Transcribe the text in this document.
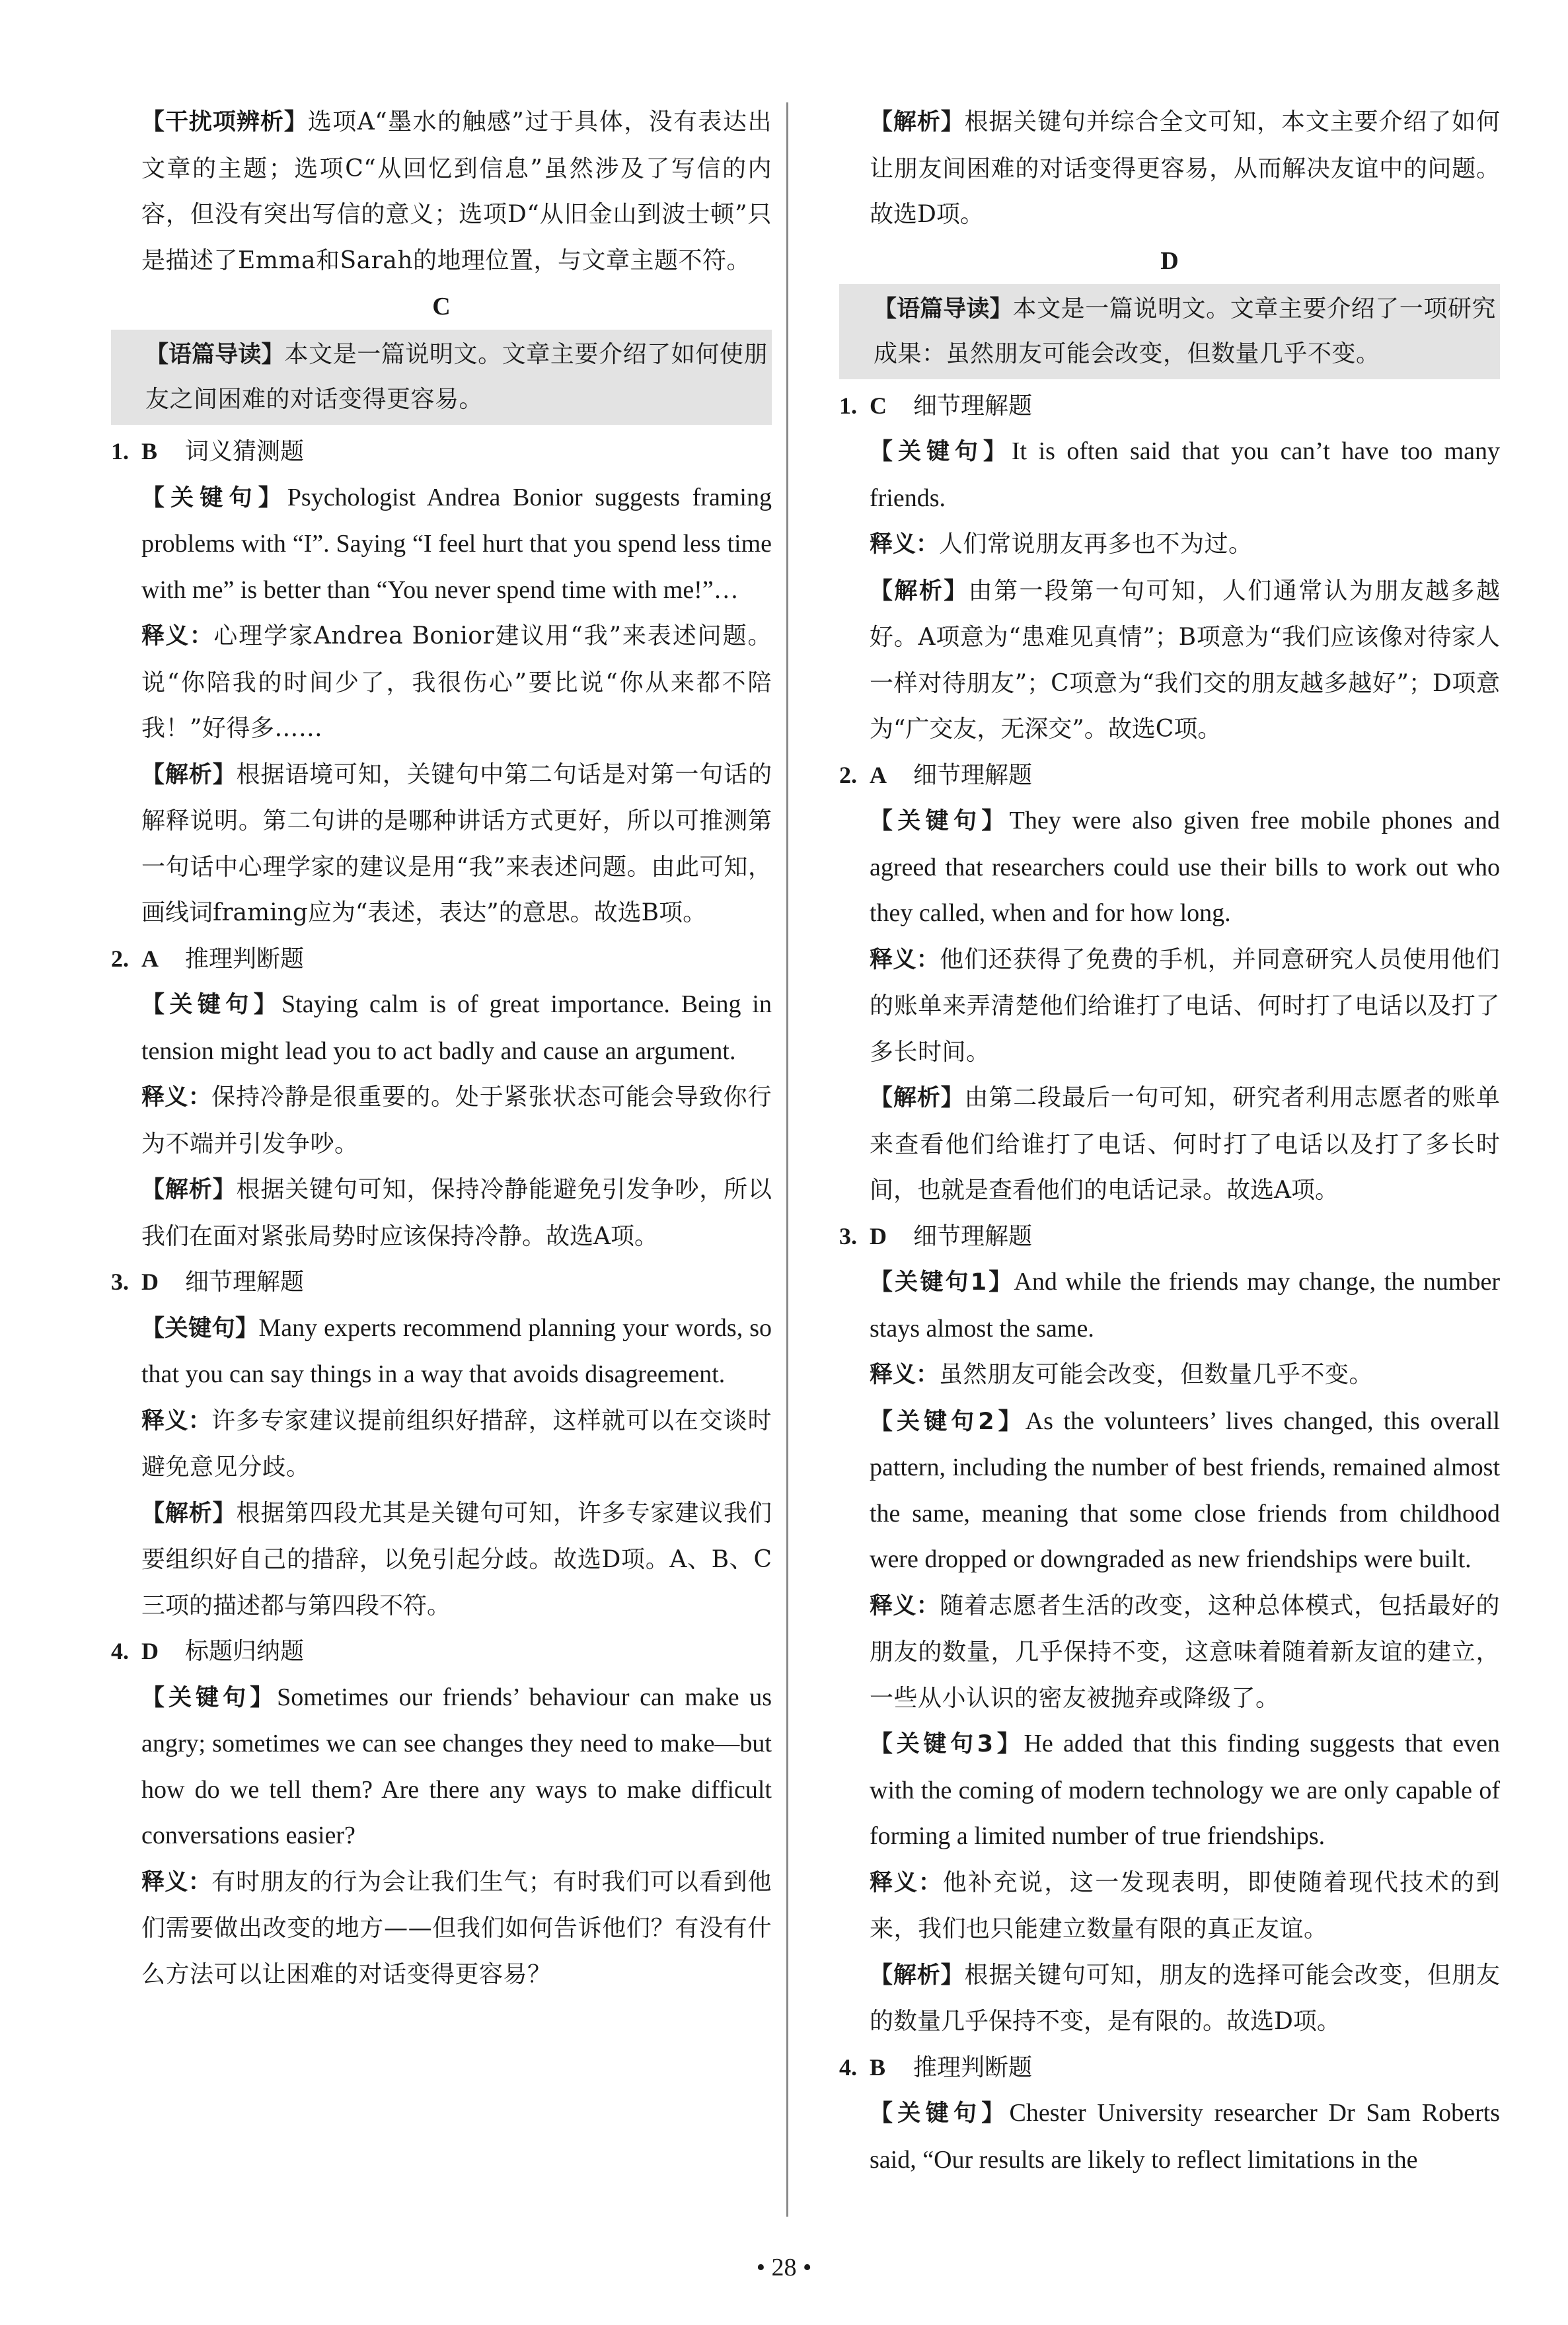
【干扰项辨析】选项A“墨水的触感”过于具体，没有表达出文章的主题；选项C“从回忆到信息”虽然涉及了写信的内容，但没有突出写信的意义；选项D“从旧金山到波士顿”只是描述了Emma和Sarah的地理位置，与文章主题不符。

C

【语篇导读】本文是一篇说明文。文章主要介绍了如何使朋友之间困难的对话变得更容易。

1. B 词义猜测题

【关键句】Psychologist Andrea Bonior suggests framing problems with “I”. Saying “I feel hurt that you spend less time with me” is better than “You never spend time with me!”…

释义：心理学家Andrea Bonior建议用“我”来表述问题。说“你陪我的时间少了，我很伤心”要比说“你从来都不陪我！”好得多……

【解析】根据语境可知，关键句中第二句话是对第一句话的解释说明。第二句讲的是哪种讲话方式更好，所以可推测第一句话中心理学家的建议是用“我”来表述问题。由此可知，画线词framing应为“表述，表达”的意思。故选B项。

2. A 推理判断题

【关键句】Staying calm is of great importance. Being in tension might lead you to act badly and cause an argument.

释义：保持冷静是很重要的。处于紧张状态可能会导致你行为不端并引发争吵。

【解析】根据关键句可知，保持冷静能避免引发争吵，所以我们在面对紧张局势时应该保持冷静。故选A项。

3. D 细节理解题

【关键句】Many experts recommend planning your words, so that you can say things in a way that avoids disagreement.

释义：许多专家建议提前组织好措辞，这样就可以在交谈时避免意见分歧。

【解析】根据第四段尤其是关键句可知，许多专家建议我们要组织好自己的措辞，以免引起分歧。故选D项。A、B、C三项的描述都与第四段不符。

4. D 标题归纳题

【关键句】Sometimes our friends’ behaviour can make us angry; sometimes we can see changes they need to make—but how do we tell them? Are there any ways to make difficult conversations easier?

释义：有时朋友的行为会让我们生气；有时我们可以看到他们需要做出改变的地方——但我们如何告诉他们？有没有什么方法可以让困难的对话变得更容易？

【解析】根据关键句并综合全文可知，本文主要介绍了如何让朋友间困难的对话变得更容易，从而解决友谊中的问题。故选D项。

D

【语篇导读】本文是一篇说明文。文章主要介绍了一项研究成果：虽然朋友可能会改变，但数量几乎不变。

1. C 细节理解题

【关键句】It is often said that you can’t have too many friends.

释义：人们常说朋友再多也不为过。

【解析】由第一段第一句可知，人们通常认为朋友越多越好。A项意为“患难见真情”；B项意为“我们应该像对待家人一样对待朋友”；C项意为“我们交的朋友越多越好”；D项意为“广交友，无深交”。故选C项。

2. A 细节理解题

【关键句】They were also given free mobile phones and agreed that researchers could use their bills to work out who they called, when and for how long.

释义：他们还获得了免费的手机，并同意研究人员使用他们的账单来弄清楚他们给谁打了电话、何时打了电话以及打了多长时间。

【解析】由第二段最后一句可知，研究者利用志愿者的账单来查看他们给谁打了电话、何时打了电话以及打了多长时间，也就是查看他们的电话记录。故选A项。

3. D 细节理解题

【关键句1】And while the friends may change, the number stays almost the same.

释义：虽然朋友可能会改变，但数量几乎不变。

【关键句2】As the volunteers’ lives changed, this overall pattern, including the number of best friends, remained almost the same, meaning that some close friends from childhood were dropped or downgraded as new friendships were built.

释义：随着志愿者生活的改变，这种总体模式，包括最好的朋友的数量，几乎保持不变，这意味着随着新友谊的建立，一些从小认识的密友被抛弃或降级了。

【关键句3】He added that this finding suggests that even with the coming of modern technology we are only capable of forming a limited number of true friendships.

释义：他补充说，这一发现表明，即使随着现代技术的到来，我们也只能建立数量有限的真正友谊。

【解析】根据关键句可知，朋友的选择可能会改变，但朋友的数量几乎保持不变，是有限的。故选D项。

4. B 推理判断题

【关键句】Chester University researcher Dr Sam Roberts said, “Our results are likely to reflect limitations in the

• 28 •
